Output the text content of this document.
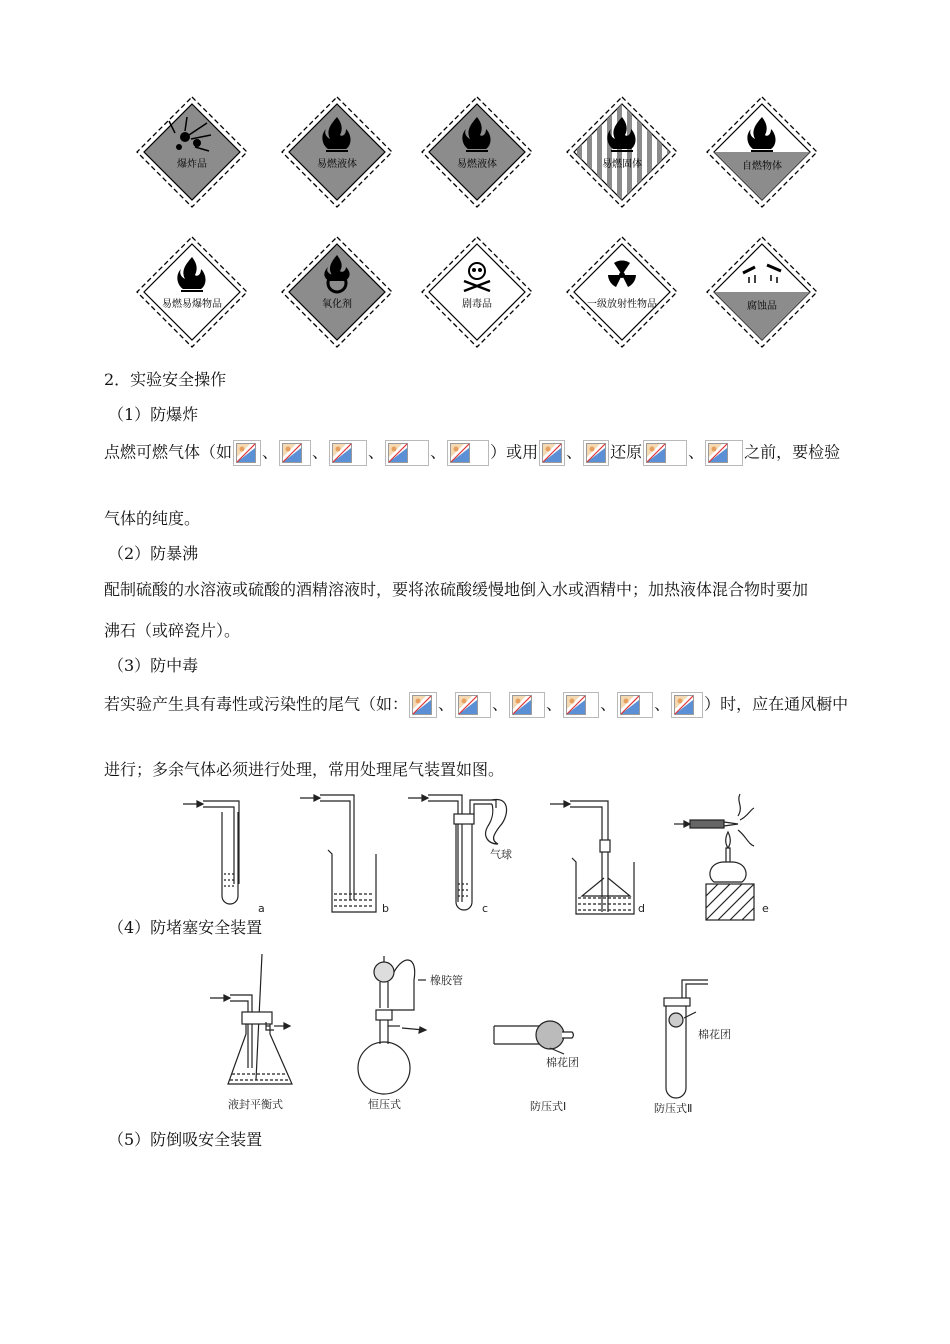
爆炸品	易燃液体	易燃液体	易燃固体	自燃物体
易燃易爆物品	氧化剂	剧毒品	一级放射性物品	腐蚀品
2．实验安全操作
（1）防爆炸
点燃可燃气体（如 、 、	、	、	）或用 、 还原	、	之前，要检验
气体的纯度。
（2）防暴沸
配制硫酸的水溶液或硫酸的酒精溶液时，要将浓硫酸缓慢地倒入水或酒精中；加热液体混合物时要加
沸石（或碎瓷片）。
（3）防中毒
若实验产生具有毒性或污染性的尾气（如： 、 、 、 、 、 ）时，应在通风橱中
进行；多余气体必须进行处理，常用处理尾气装置如图。
a	b
气球
c	d	e
（4）防堵塞安全装置
液封平衡式
橡胶管
恒压式
棉花团
防压式Ⅰ
棉花团
防压式Ⅱ
（5）防倒吸安全装置
